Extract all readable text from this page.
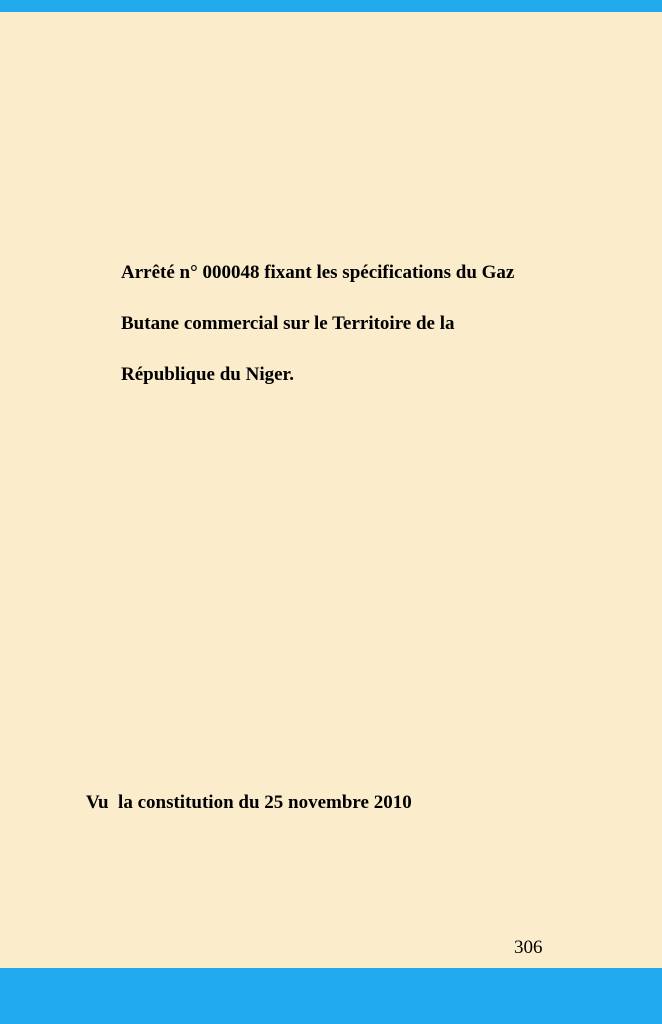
Arrêté n° 000048 fixant les spécifications du Gaz
Butane commercial sur le Territoire de la
République du Niger.
Vu  la constitution du 25 novembre 2010
306
